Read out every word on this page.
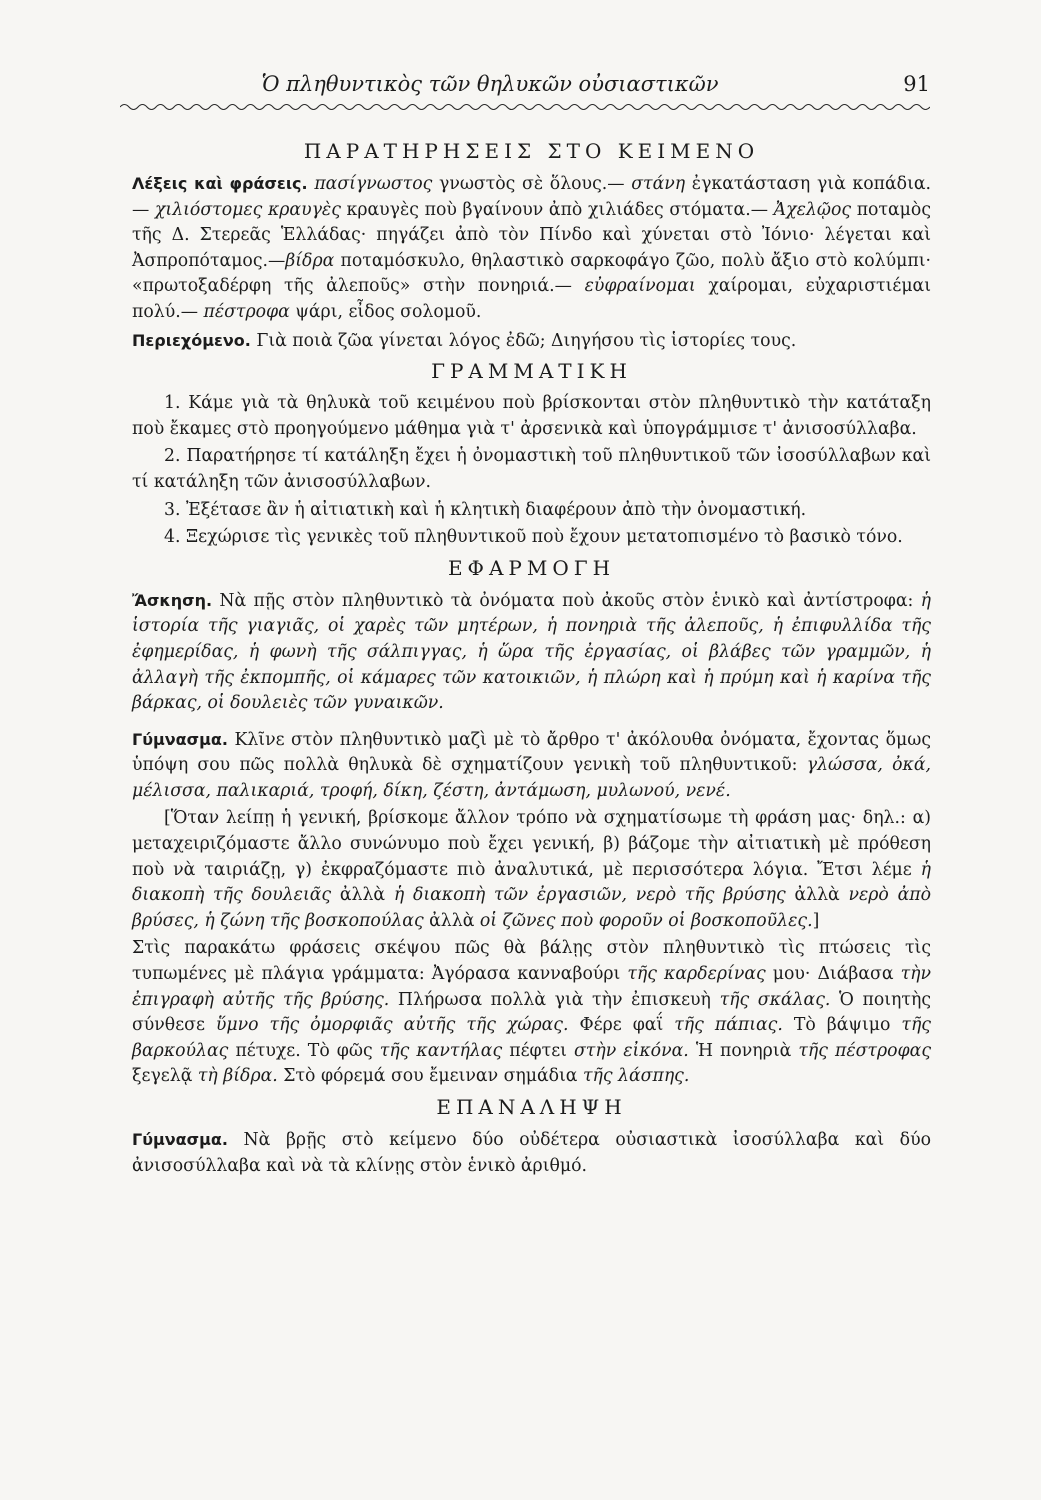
Ὁ πληθυντικὸς τῶν θηλυκῶν οὐσιαστικῶν	91
ΠΑΡΑΤΗΡΗΣΕΙΣ ΣΤΟ ΚΕΙΜΕΝΟ

Λέξεις καὶ φράσεις. πασίγνωστος γνωστὸς σὲ ὅλους.— στάνη ἐγκατάσταση γιὰ κοπάδια.— χιλιόστομες κραυγὲς κραυγὲς ποὺ βγαίνουν ἀπὸ χιλιάδες στόματα.— Ἀχελῷος ποταμὸς τῆς Δ. Στερεᾶς Ἑλλάδας· πηγάζει ἀπὸ τὸν Πίνδο καὶ χύνεται στὸ Ἰόνιο· λέγεται καὶ Ἀσπροπόταμος.—βίδρα ποταμόσκυλο, θηλαστικὸ σαρκοφάγο ζῶο, πολὺ ἄξιο στὸ κολύμπι· «πρωτοξαδέρφη τῆς ἀλεποῦς» στὴν πονηριά.— εὐφραίνομαι χαίρομαι, εὐχαριστιέμαι πολύ.— πέστροφα ψάρι, εἶδος σολομοῦ.

Περιεχόμενο. Γιὰ ποιὰ ζῶα γίνεται λόγος ἐδῶ; Διηγήσου τὶς ἱστορίες τους.

ΓΡΑΜΜΑΤΙΚΗ

1. Κάμε γιὰ τὰ θηλυκὰ τοῦ κειμένου ποὺ βρίσκονται στὸν πληθυντικὸ τὴν κατάταξη ποὺ ἔκαμες στὸ προηγούμενο μάθημα γιὰ τ' ἀρσενικὰ καὶ ὑπογράμμισε τ' ἀνισοσύλλαβα.

2. Παρατήρησε τί κατάληξη ἔχει ἡ ὀνομαστικὴ τοῦ πληθυντικοῦ τῶν ἰσοσύλλαβων καὶ τί κατάληξη τῶν ἀνισοσύλλαβων.

3. Ἐξέτασε ἂν ἡ αἰτιατικὴ καὶ ἡ κλητικὴ διαφέρουν ἀπὸ τὴν ὀνομαστική.

4. Ξεχώρισε τὶς γενικὲς τοῦ πληθυντικοῦ ποὺ ἔχουν μετατοπισμένο τὸ βασικὸ τόνο.

ΕΦΑΡΜΟΓΗ

Ἄσκηση. Νὰ πῇς στὸν πληθυντικὸ τὰ ὀνόματα ποὺ ἀκοῦς στὸν ἑνικὸ καὶ ἀντίστροφα: ἡ ἱστορία τῆς γιαγιᾶς, οἱ χαρὲς τῶν μητέρων, ἡ πονηριὰ τῆς ἀλεποῦς, ἡ ἐπιφυλλίδα τῆς ἐφημερίδας, ἡ φωνὴ τῆς σάλπιγγας, ἡ ὥρα τῆς ἐργασίας, οἱ βλάβες τῶν γραμμῶν, ἡ ἀλλαγὴ τῆς ἐκπομπῆς, οἱ κάμαρες τῶν κατοικιῶν, ἡ πλώρη καὶ ἡ πρύμη καὶ ἡ καρίνα τῆς βάρκας, οἱ δουλειὲς τῶν γυναικῶν.

Γύμνασμα. Κλῖνε στὸν πληθυντικὸ μαζὶ μὲ τὸ ἄρθρο τ' ἀκόλουθα ὀνόματα, ἔχοντας ὅμως ὑπόψη σου πῶς πολλὰ θηλυκὰ δὲ σχηματίζουν γενικὴ τοῦ πληθυντικοῦ: γλώσσα, ὀκά, μέλισσα, παλικαριά, τροφή, δίκη, ζέστη, ἀντάμωση, μυλωνού, νενέ.

[Ὅταν λείπῃ ἡ γενική, βρίσκομε ἄλλον τρόπο νὰ σχηματίσωμε τὴ φράση μας· δηλ.: α) μεταχειριζόμαστε ἄλλο συνώνυμο ποὺ ἔχει γενική, β) βάζομε τὴν αἰτιατικὴ μὲ πρόθεση ποὺ νὰ ταιριάζῃ, γ) ἐκφραζόμαστε πιὸ ἀναλυτικά, μὲ περισσότερα λόγια. Ἔτσι λέμε ἡ διακοπὴ τῆς δουλειᾶς ἀλλὰ ἡ διακοπὴ τῶν ἐργασιῶν, νερὸ τῆς βρύσης ἀλλὰ νερὸ ἀπὸ βρύσες, ἡ ζώνη τῆς βοσκοπούλας ἀλλὰ οἱ ζῶνες ποὺ φοροῦν οἱ βοσκοποῦλες.]

Στὶς παρακάτω φράσεις σκέψου πῶς θὰ βάλῃς στὸν πληθυντικὸ τὶς πτώσεις τὶς τυπωμένες μὲ πλάγια γράμματα: Ἀγόρασα κανναβούρι τῆς καρδερίνας μου· Διάβασα τὴν ἐπιγραφὴ αὐτῆς τῆς βρύσης. Πλήρωσα πολλὰ γιὰ τὴν ἐπισκευὴ τῆς σκάλας. Ὁ ποιητὴς σύνθεσε ὕμνο τῆς ὀμορφιᾶς αὐτῆς τῆς χώρας. Φέρε φαΐ τῆς πάπιας. Τὸ βάψιμο τῆς βαρκούλας πέτυχε. Τὸ φῶς τῆς καντήλας πέφτει στὴν εἰκόνα. Ἡ πονηριὰ τῆς πέστροφας ξεγελᾷ τὴ βίδρα. Στὸ φόρεμά σου ἔμειναν σημάδια τῆς λάσπης.

ΕΠΑΝΑΛΗΨΗ

Γύμνασμα. Νὰ βρῇς στὸ κείμενο δύο οὐδέτερα οὐσιαστικὰ ἰσοσύλλαβα καὶ δύο ἀνισοσύλλαβα καὶ νὰ τὰ κλίνῃς στὸν ἑνικὸ ἀριθμό.
